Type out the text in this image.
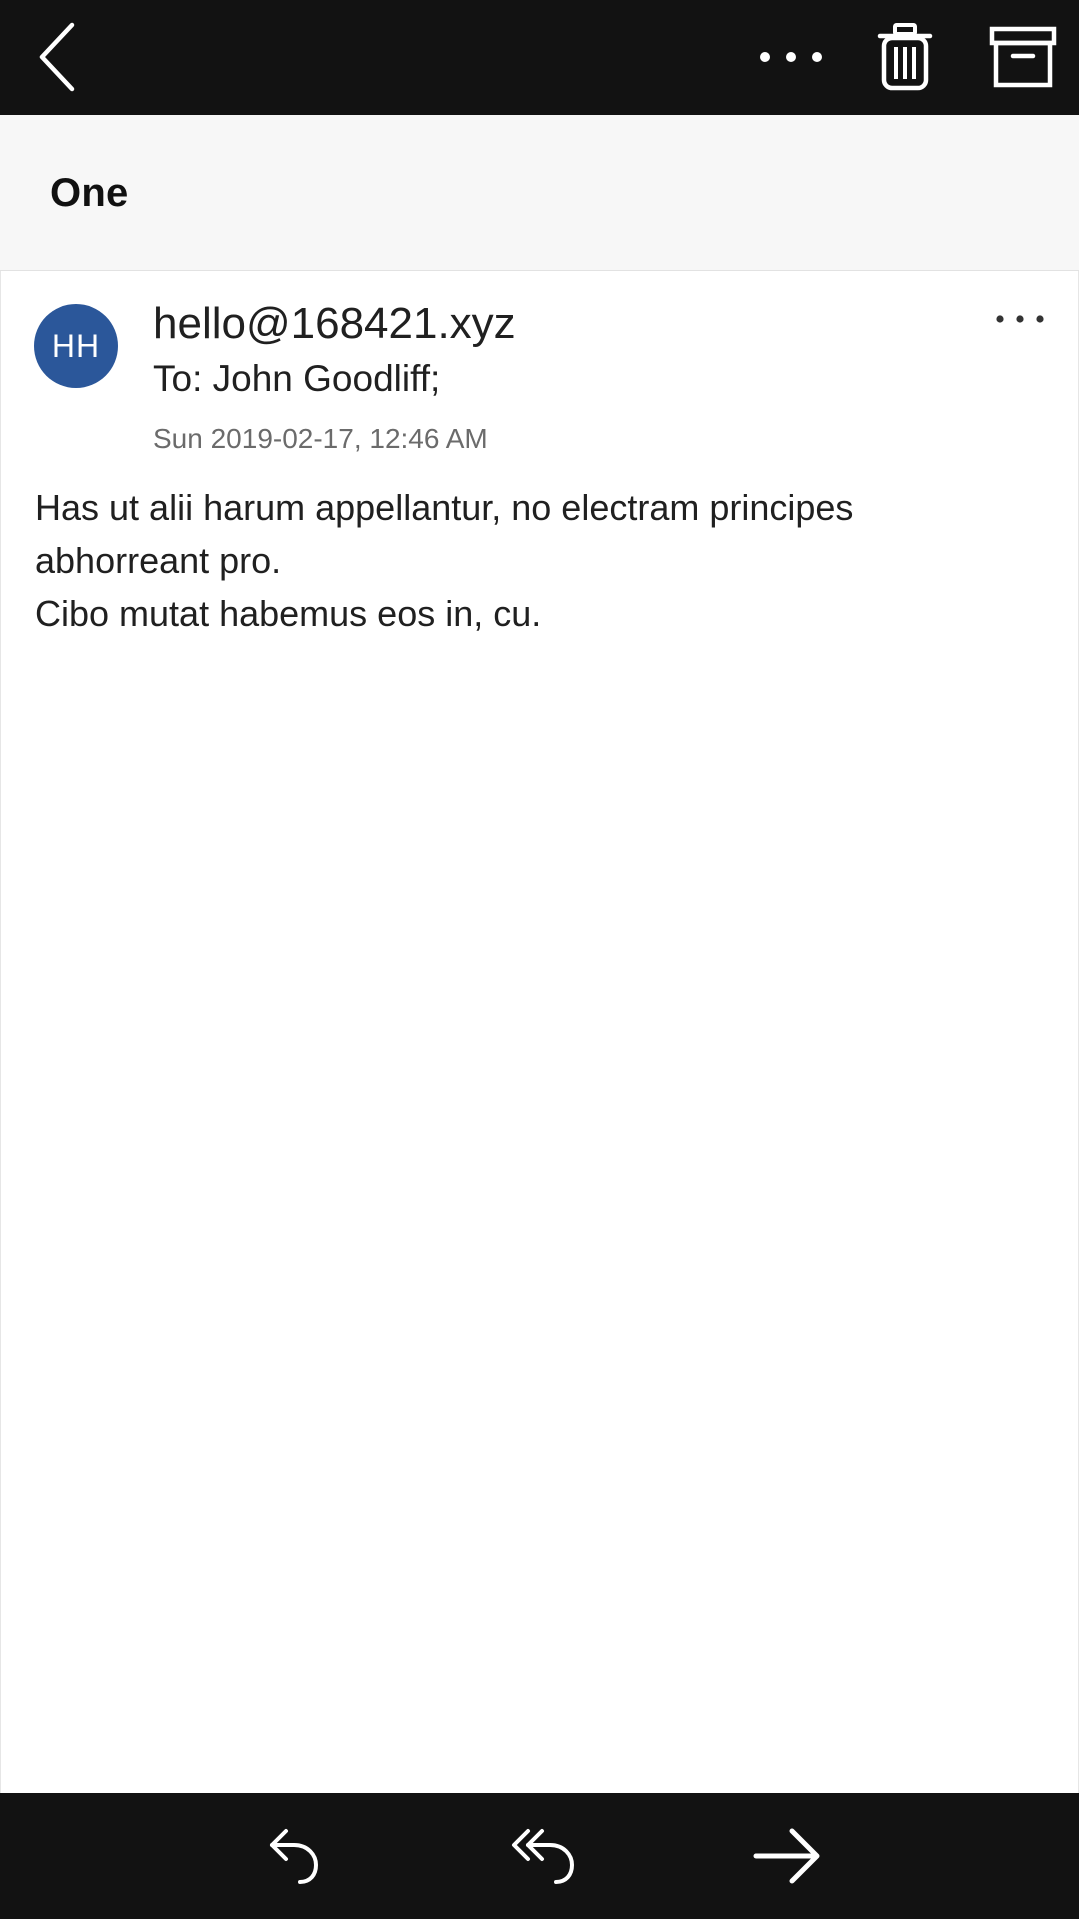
One
HH hello@168421.xyz
To: John Goodliff;
Sun 2019-02-17, 12:46 AM

Has ut alii harum appellantur, no electram principes abhorreant pro.

Cibo mutat habemus eos in, cu.
